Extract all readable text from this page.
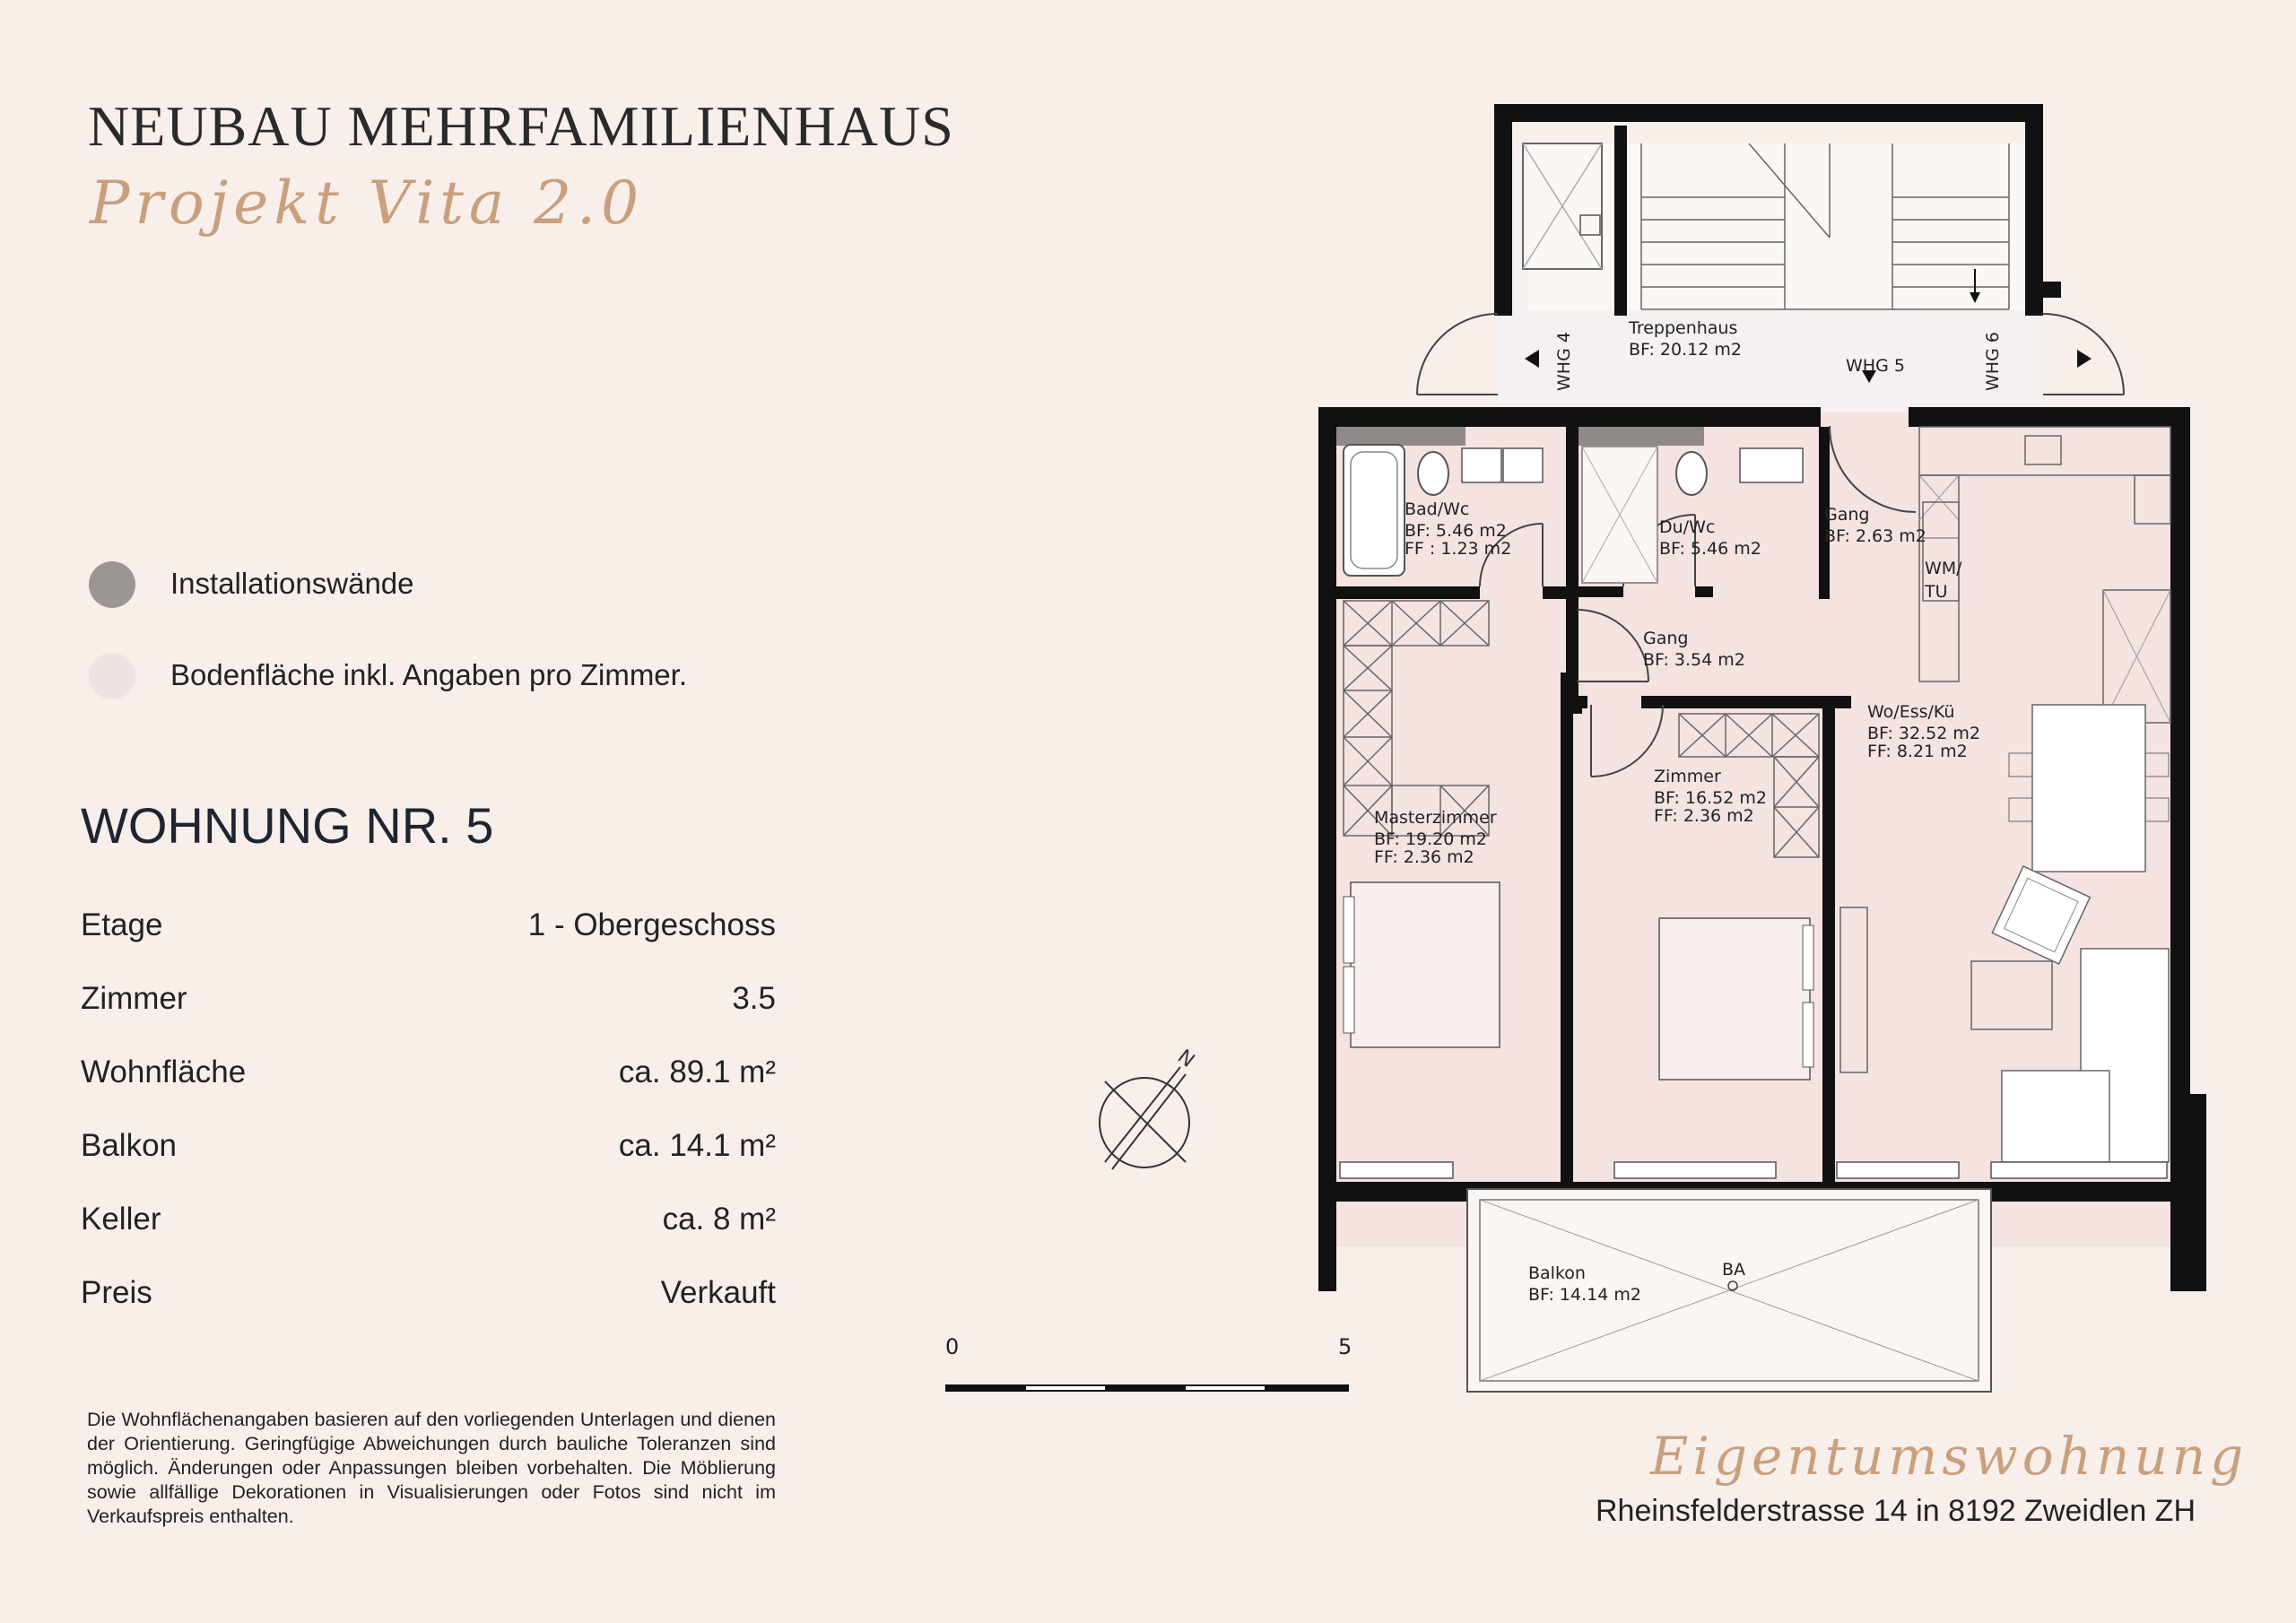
NEUBAU MEHRFAMILIENHAUS
Projekt Vita 2.0
Installationswände
Bodenfläche inkl. Angaben pro Zimmer.
WOHNUNG NR. 5
Etage	1 - Obergeschoss
Zimmer	3.5
Wohnfläche	ca. 89.1 m²
Balkon	ca. 14.1 m²
Keller	ca. 8 m²
Preis	Verkauft
Die Wohnflächenangaben basieren auf den vorliegenden Unterlagen und dienen der Orientierung. Geringfügige Abweichungen durch bauliche Toleranzen sind möglich. Änderungen oder Anpassungen bleiben vorbehalten. Die Möblierung sowie allfällige Dekorationen in Visualisierungen oder Fotos sind nicht im Verkaufspreis enthalten.
Eigentumswohnung
Rheinsfelderstrasse 14 in 8192 Zweidlen ZH
N
0	5
Treppenhaus
BF: 20.12 m2
WHG 4	WHG 5	WHG 6
Bad/Wc
BF: 5.46 m2
FF : 1.23 m2
Du/Wc
BF: 5.46 m2
Gang
BF: 2.63 m2
WM/
TU
Gang
BF: 3.54 m2
Wo/Ess/Kü
BF: 32.52 m2
FF: 8.21 m2
Zimmer
BF: 16.52 m2
FF: 2.36 m2
Masterzimmer
BF: 19.20 m2
FF: 2.36 m2
Balkon
BF: 14.14 m2
BA
